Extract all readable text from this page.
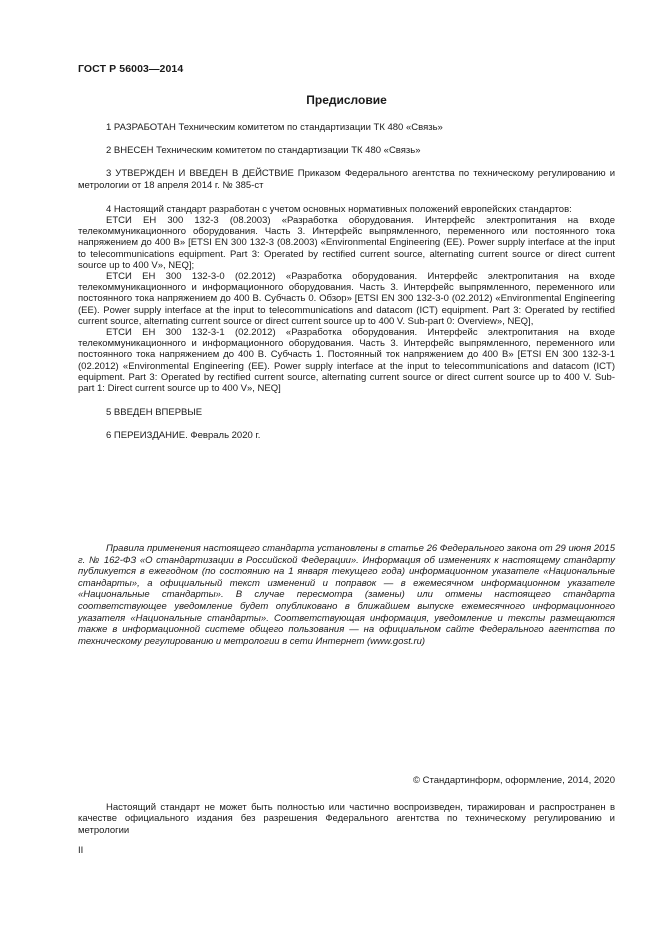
ГОСТ Р 56003—2014
Предисловие

1 РАЗРАБОТАН Техническим комитетом по стандартизации ТК 480 «Связь»

2 ВНЕСЕН Техническим комитетом по стандартизации ТК 480 «Связь»

3 УТВЕРЖДЕН И ВВЕДЕН В ДЕЙСТВИЕ Приказом Федерального агентства по техническому регулированию и метрологии от 18 апреля 2014 г. № 385-ст

4 Настоящий стандарт разработан с учетом основных нормативных положений европейских стандартов:

ЕТСИ ЕН 300 132-3 (08.2003) «Разработка оборудования. Интерфейс электропитания на входе телекоммуникационного оборудования. Часть 3. Интерфейс выпрямленного, переменного или постоянного тока напряжением до 400 В» [ETSI EN 300 132-3 (08.2003) «Environmental Engineering (EE). Power supply interface at the input to telecommunications equipment. Part 3: Operated by rectified current source, alternating current source or direct current source up to 400 V», NEQ];

ЕТСИ ЕН 300 132-3-0 (02.2012) «Разработка оборудования. Интерфейс электропитания на входе телекоммуникационного и информационного оборудования. Часть 3. Интерфейс выпрямленного, переменного или постоянного тока напряжением до 400 В. Субчасть 0. Обзор» [ETSI EN 300 132-3-0 (02.2012) «Environmental Engineering (EE). Power supply interface at the input to telecommunications and datacom (ICT) equipment. Part 3: Operated by rectified current source, alternating current source or direct current source up to 400 V. Sub-part 0: Overview», NEQ],

ЕТСИ ЕН 300 132-3-1 (02.2012) «Разработка оборудования. Интерфейс электропитания на входе телекоммуникационного и информационного оборудования. Часть 3. Интерфейс выпрямленного, переменного или постоянного тока напряжением до 400 В. Субчасть 1. Постоянный ток напряжением до 400 В» [ETSI EN 300 132-3-1 (02.2012) «Environmental Engineering (EE). Power supply interface at the input to telecommunications and datacom (ICT) equipment. Part 3: Operated by rectified current source, alternating current source or direct current source up to 400 V. Sub-part 1: Direct current source up to 400 V», NEQ]

5 ВВЕДЕН ВПЕРВЫЕ

6 ПЕРЕИЗДАНИЕ. Февраль 2020 г.

Правила применения настоящего стандарта установлены в статье 26 Федерального закона от 29 июня 2015 г. № 162-ФЗ «О стандартизации в Российской Федерации». Информация об изменениях к настоящему стандарту публикуется в ежегодном (по состоянию на 1 января текущего года) информационном указателе «Национальные стандарты», а официальный текст изменений и поправок — в ежемесячном информационном указателе «Национальные стандарты». В случае пересмотра (замены) или отмены настоящего стандарта соответствующее уведомление будет опубликовано в ближайшем выпуске ежемесячного информационного указателя «Национальные стандарты». Соответствующая информация, уведомление и тексты размещаются также в информационной системе общего пользования — на официальном сайте Федерального агентства по техническому регулированию и метрологии в сети Интернет (www.gost.ru)

© Стандартинформ, оформление, 2014, 2020

Настоящий стандарт не может быть полностью или частично воспроизведен, тиражирован и распространен в качестве официального издания без разрешения Федерального агентства по техническому регулированию и метрологии

II
